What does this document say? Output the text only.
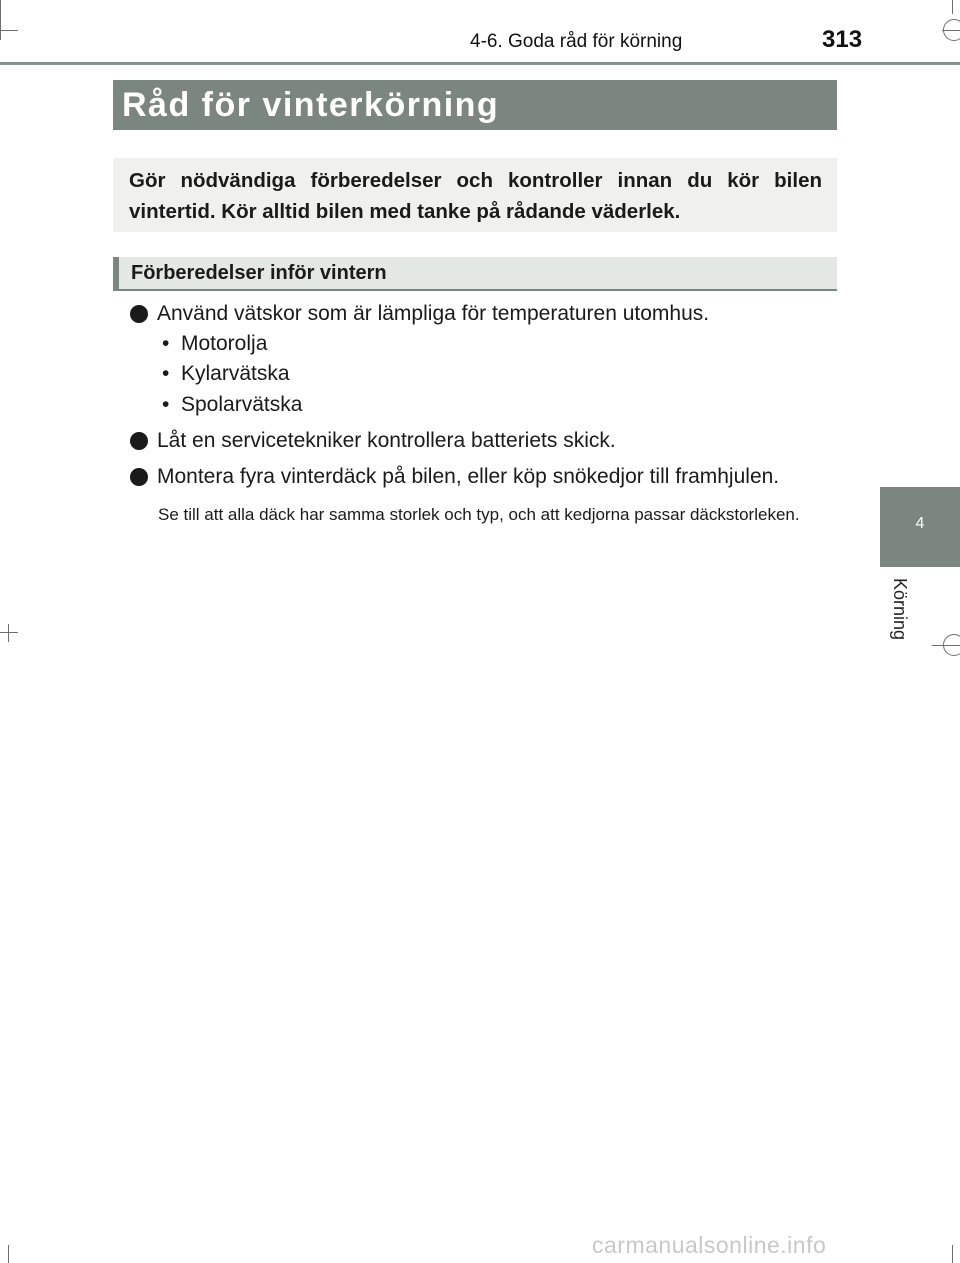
4-6. Goda råd för körning	313
Råd för vinterkörning

Gör nödvändiga förberedelser och kontroller innan du kör bilen vintertid. Kör alltid bilen med tanke på rådande väderlek.

Förberedelser inför vintern
Använd vätskor som är lämpliga för temperaturen utomhus.
• Motorolja
• Kylarvätska
• Spolarvätska
Låt en servicetekniker kontrollera batteriets skick.
Montera fyra vinterdäck på bilen, eller köp snökedjor till framhjulen.

Se till att alla däck har samma storlek och typ, och att kedjorna passar däckstorleken.	4
Körning
carmanualsonline.info
